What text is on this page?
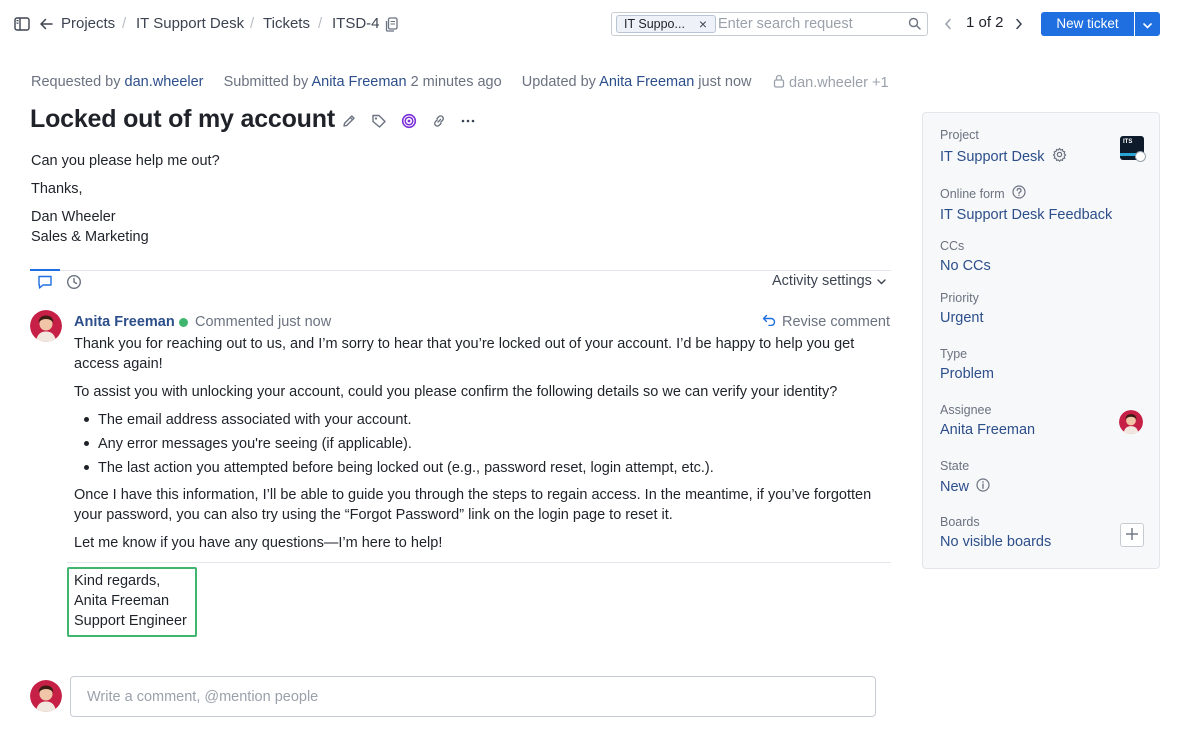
Projects / IT Support Desk / Tickets / ITSD-4	IT Suppo... ×
Enter search request	1 of 2	New ticket
Requested by dan.wheeler Submitted by Anita Freeman 2 minutes ago Updated by Anita Freeman just now	dan.wheeler +1
Locked out of my account

Can you please help me out?

Thanks,

Dan Wheeler

Sales & Marketing

Activity settings
Anita Freeman Commented just now	Revise comment

Thank you for reaching out to us, and I’m sorry to hear that you’re locked out of your account. I’d be happy to help you get

access again!

To assist you with unlocking your account, could you please confirm the following details so we can verify your identity?

The email address associated with your account.

Any error messages you're seeing (if applicable).

The last action you attempted before being locked out (e.g., password reset, login attempt, etc.).

Once I have this information, I’ll be able to guide you through the steps to regain access. In the meantime, if you’ve forgotten

your password, you can also try using the “Forgot Password” link on the login page to reset it.

Let me know if you have any questions—I’m here to help!

Kind regards,

Anita Freeman

Support Engineer

Write a comment, @mention people
Project
IT Support Desk
ITS
Online form
IT Support Desk Feedback
CCs
No CCs
Priority
Urgent
Type
Problem
Assignee
Anita Freeman
State
New
Boards
No visible boards
